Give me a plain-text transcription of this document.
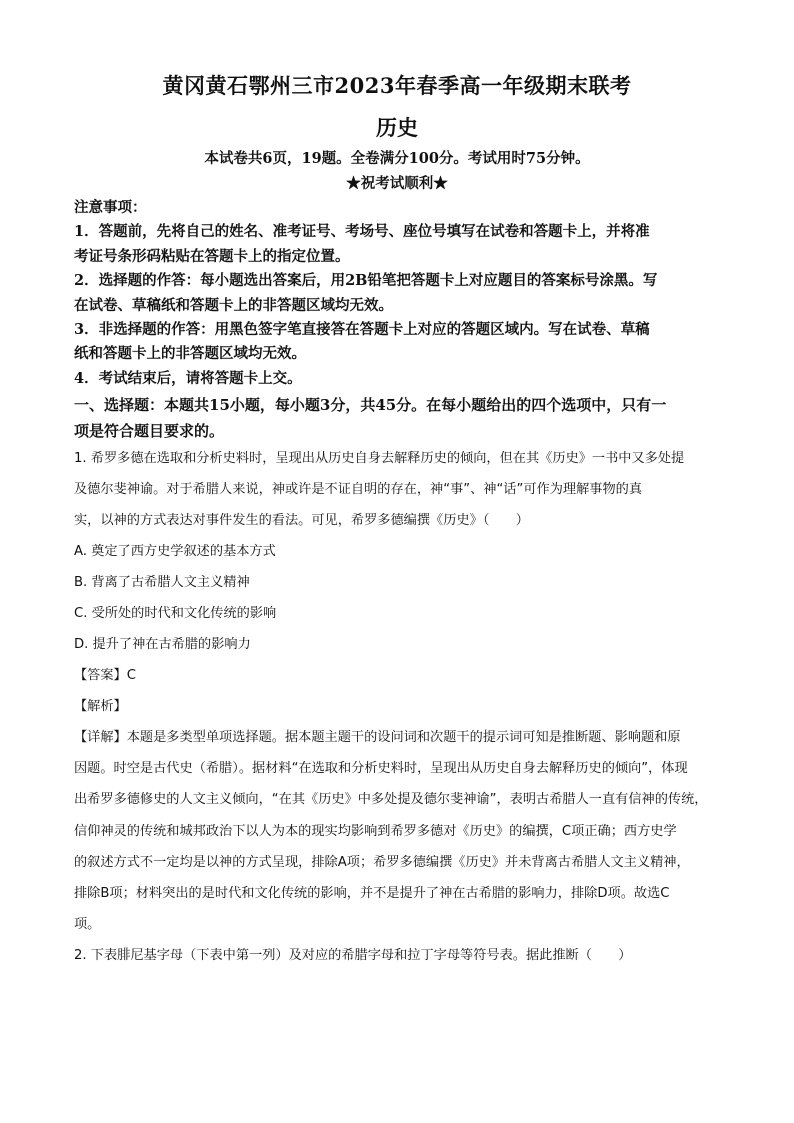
黄冈黄石鄂州三市2023年春季高一年级期末联考
历史
本试卷共6页，19题。全卷满分100分。考试用时75分钟。
★祝考试顺利★

注意事项：

1．答题前，先将自己的姓名、准考证号、考场号、座位号填写在试卷和答题卡上，并将准

考证号条形码粘贴在答题卡上的指定位置。

2．选择题的作答：每小题选出答案后，用2B铅笔把答题卡上对应题目的答案标号涂黑。写

在试卷、草稿纸和答题卡上的非答题区域均无效。

3．非选择题的作答：用黑色签字笔直接答在答题卡上对应的答题区域内。写在试卷、草稿

纸和答题卡上的非答题区域均无效。

4．考试结束后，请将答题卡上交。

一、选择题：本题共15小题，每小题3分，共45分。在每小题给出的四个选项中，只有一
项是符合题目要求的。

1. 希罗多德在选取和分析史料时，呈现出从历史自身去解释历史的倾向，但在其《历史》一书中又多处提

及德尔斐神谕。对于希腊人来说，神或许是不证自明的存在，神“事”、神“话”可作为理解事物的真

实，以神的方式表达对事件发生的看法。可见，希罗多德编撰《历史》（　　）

A. 奠定了西方史学叙述的基本方式

B. 背离了古希腊人文主义精神

C. 受所处的时代和文化传统的影响

D. 提升了神在古希腊的影响力

【答案】C

【解析】

【详解】本题是多类型单项选择题。据本题主题干的设问词和次题干的提示词可知是推断题、影响题和原

因题。时空是古代史（希腊）。据材料“在选取和分析史料时，呈现出从历史自身去解释历史的倾向”，体现

出希罗多德修史的人文主义倾向，“在其《历史》中多处提及德尔斐神谕”，表明古希腊人一直有信神的传统，

信仰神灵的传统和城邦政治下以人为本的现实均影响到希罗多德对《历史》的编撰，C项正确；西方史学

的叙述方式不一定均是以神的方式呈现，排除A项；希罗多德编撰《历史》并未背离古希腊人文主义精神，

排除B项；材料突出的是时代和文化传统的影响，并不是提升了神在古希腊的影响力，排除D项。故选C

项。

2. 下表腓尼基字母（下表中第一列）及对应的希腊字母和拉丁字母等符号表。据此推断（　　）
